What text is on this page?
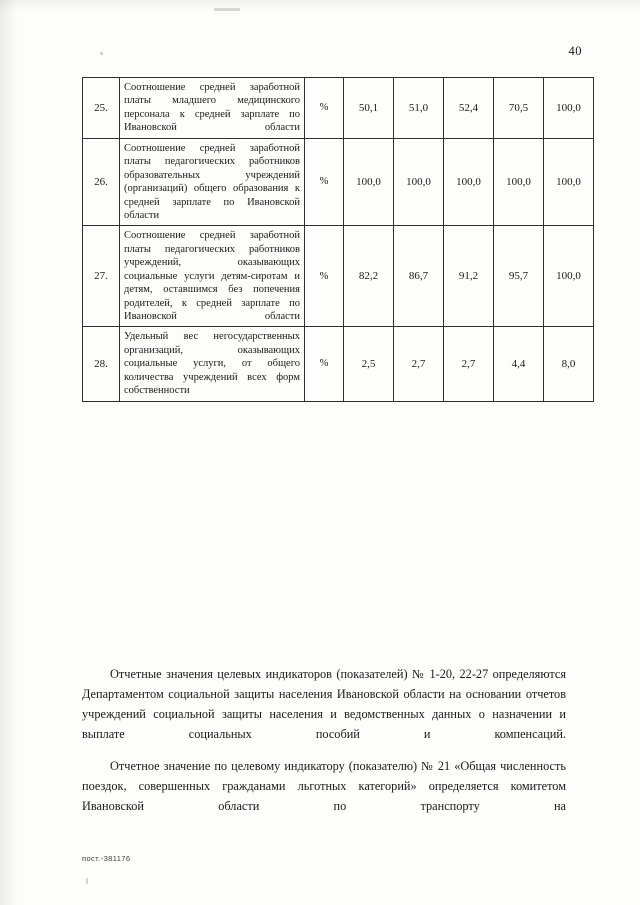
40
25.	Соотношение средней заработной платы младшего медицинского персонала к средней зарплате по Ивановской области	%	50,1	51,0	52,4	70,5	100,0
26.	Соотношение средней заработной платы педагогических работников образовательных учреждений (организаций) общего образования к средней зарплате по Ивановской области	%	100,0	100,0	100,0	100,0	100,0
27.	Соотношение средней заработной платы педагогических работников учреждений, оказывающих социальные услуги детям-сиротам и детям, оставшимся без попечения родителей, к средней зарплате по Ивановской области	%	82,2	86,7	91,2	95,7	100,0
28.	Удельный вес негосударственных организаций, оказывающих социальные услуги, от общего количества учреждений всех форм собственности	%	2,5	2,7	2,7	4,4	8,0

Отчетные значения целевых индикаторов (показателей) № 1-20, 22-27 определяются Департаментом социальной защиты населения Ивановской области на основании отчетов учреждений социальной защиты населения и ведомственных данных о назначении и выплате социальных пособий и компенсаций.

Отчетное значение по целевому индикатору (показателю) № 21 «Общая численность поездок, совершенных гражданами льготных категорий» определяется комитетом Ивановской области по транспорту на

пост.-381176
